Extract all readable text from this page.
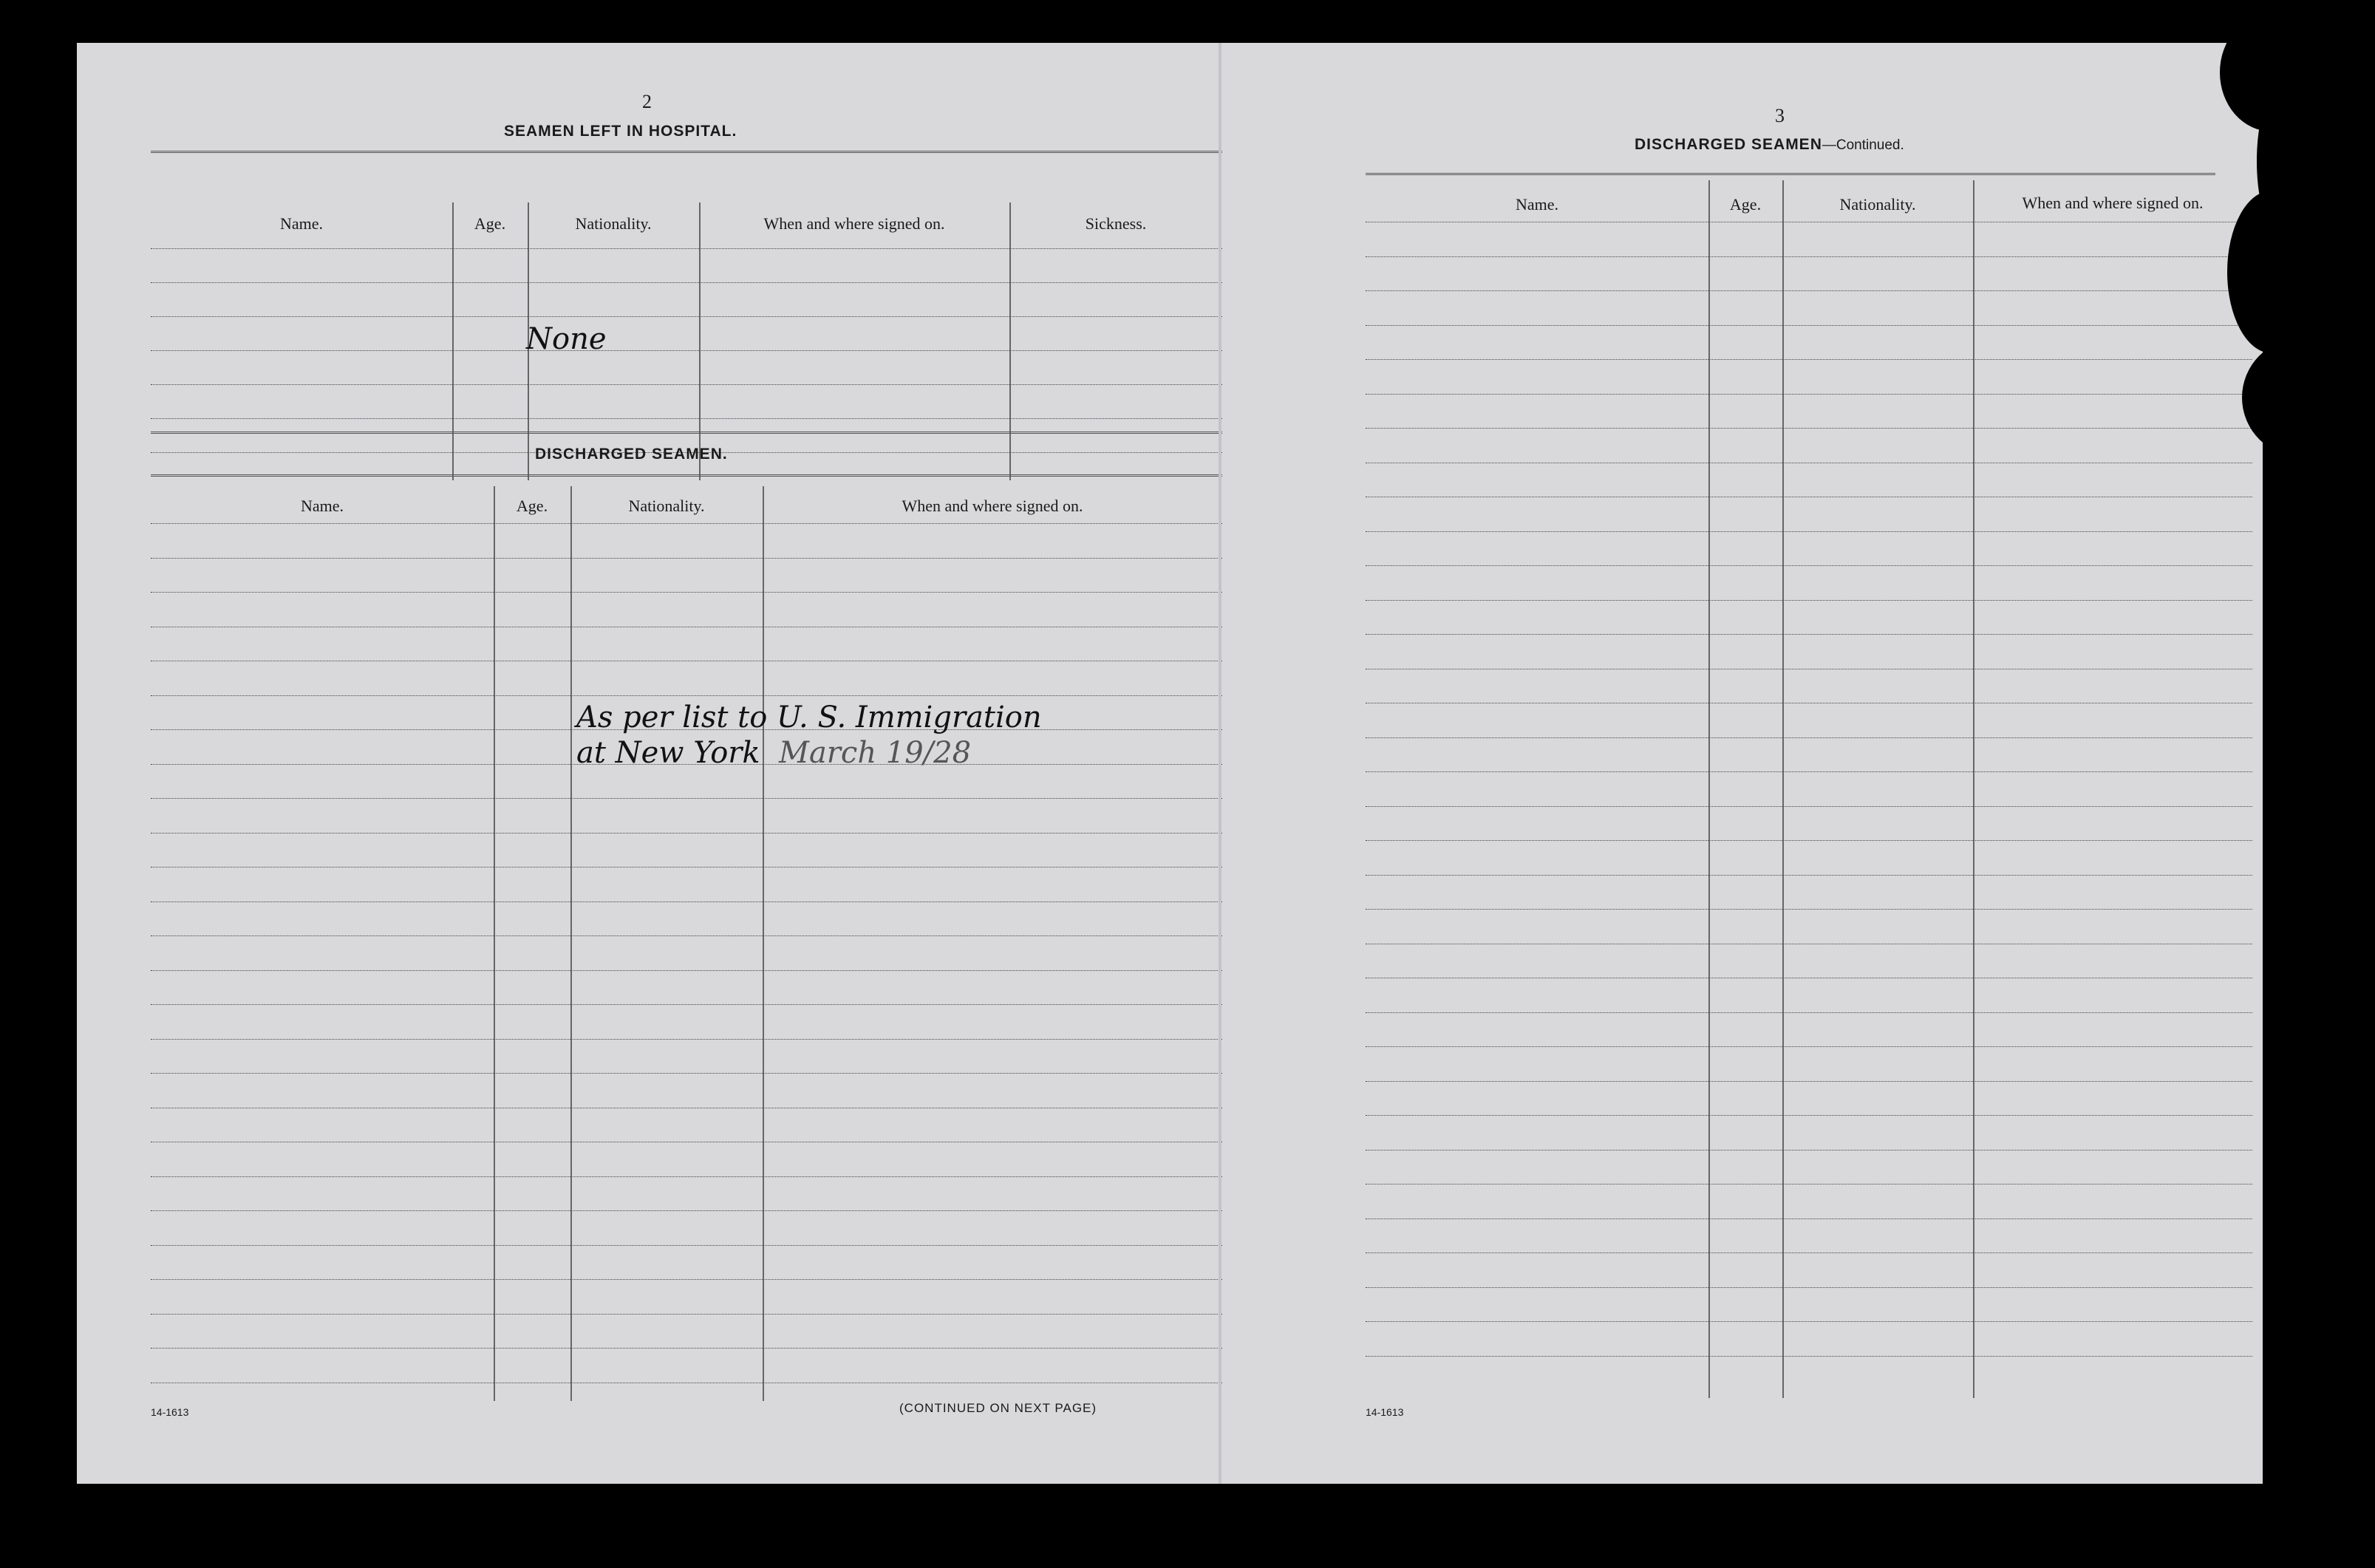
2
SEAMEN LEFT IN HOSPITAL.
Name.	Age.	Nationality.	When and where signed on.	Sickness.
None
DISCHARGED SEAMEN.
Name.	Age.	Nationality.	When and where signed on.
As per list to U. S. Immigration
at New York March 19/28
14-1613	(CONTINUED ON NEXT PAGE)
3
DISCHARGED SEAMEN—Continued.
Name.	Age.	Nationality.	When and where signed on.
14-1613
